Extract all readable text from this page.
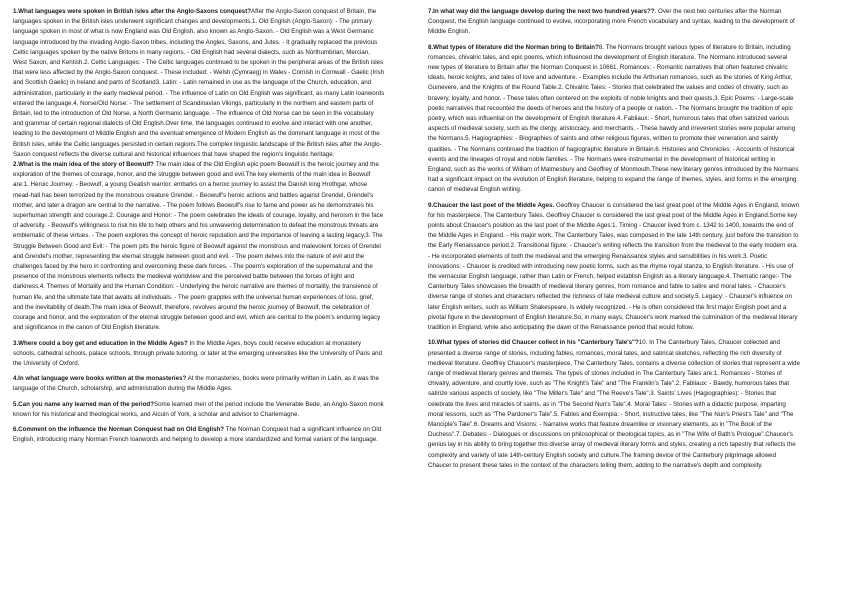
1.What languages were spoken in British isles after the Anglo-Saxons conquest?After the Anglo-Saxon conquest of Britain, the languages spoken in the British isles underwent significant changes and developments.1. Old English (Anglo-Saxon): - The primary language spoken in most of what is now England was Old English, also known as Anglo-Saxon. - Old English was a West Germanic language introduced by the invading Anglo-Saxon tribes, including the Angles, Saxons, and Jutes. - It gradually replaced the previous Celtic languages spoken by the native Britons in many regions. - Old English had several dialects, such as Northumbrian, Mercian, West Saxon, and Kentish.2. Celtic Languages: - The Celtic languages continued to be spoken in the peripheral areas of the British isles that were less affected by the Anglo-Saxon conquest. - These included: - Welsh (Cymraeg) in Wales - Cornish in Cornwall - Gaelic (Irish and Scottish Gaelic) in Ireland and parts of Scotland3. Latin: - Latin remained in use as the language of the Church, education, and administration, particularly in the early medieval period. - The influence of Latin on Old English was significant, as many Latin loanwords entered the language.4. Norse/Old Norse: - The settlement of Scandinavian Vikings, particularly in the northern and eastern parts of Britain, led to the introduction of Old Norse, a North Germanic language. - The influence of Old Norse can be seen in the vocabulary and grammar of certain regional dialects of Old English.Over time, the languages continued to evolve and interact with one another, leading to the development of Middle English and the eventual emergence of Modern English as the dominant language in most of the British isles, while the Celtic languages persisted in certain regions.The complex linguistic landscape of the British isles after the Anglo-Saxon conquest reflects the diverse cultural and historical influences that have shaped the region's linguistic heritage.

2.What is the main idea of the story of Beowulf? The main idea of the Old English epic poem Beowulf is the heroic journey and the exploration of the themes of courage, honor, and the struggle between good and evil.The key elements of the main idea in Beowulf are:1. Heroic Journey: - Beowulf, a young Geatish warrior, embarks on a heroic journey to assist the Danish king Hrothgar, whose mead-hall has been terrorized by the monstrous creature Grendel. - Beowulf's heroic actions and battles against Grendel, Grendel's mother, and later a dragon are central to the narrative. - The poem follows Beowulf's rise to fame and power as he demonstrates his superhuman strength and courage.2. Courage and Honor: - The poem celebrates the ideals of courage, loyalty, and heroism in the face of adversity. - Beowulf's willingness to risk his life to help others and his unwavering determination to defeat the monstrous threats are emblematic of these virtues. - The poem explores the concept of heroic reputation and the importance of leaving a lasting legacy.3. The Struggle Between Good and Evil: - The poem pits the heroic figure of Beowulf against the monstrous and malevolent forces of Grendel and Grendel's mother, representing the eternal struggle between good and evil. - The poem delves into the nature of evil and the challenges faced by the hero in confronting and overcoming these dark forces. - The poem's exploration of the supernatural and the presence of the monstrous elements reflects the medieval worldview and the perceived battle between the forces of light and darkness.4. Themes of Mortality and the Human Condition: - Underlying the heroic narrative are themes of mortality, the transience of human life, and the ultimate fate that awaits all individuals. - The poem grapples with the universal human experiences of loss, grief, and the inevitability of death.The main idea of Beowulf, therefore, revolves around the heroic journey of Beowulf, the celebration of courage and honor, and the exploration of the eternal struggle between good and evil, which are central to the poem's enduring legacy and significance in the canon of Old English literature.

3.Where could a boy get and education in the Middle Ages? In the Middle Ages, boys could receive education at monastery schools, cathedral schools, palace schools, through private tutoring, or later at the emerging universities like the University of Paris and the University of Oxford.

4.In what language were books written at the monasteries? At the monasteries, books were primarily written in Latin, as it was the language of the Church, scholarship, and administration during the Middle Ages.

5.Can you name any learned man of the period?Some learned men of the period include the Venerable Bede, an Anglo-Saxon monk known for his historical and theological works, and Alcuin of York, a scholar and advisor to Charlemagne.

6.Comment on the influence the Norman Conquest had on Old English? The Norman Conquest had a significant influence on Old English, introducing many Norman French loanwords and helping to develop a more standardized and formal variant of the language.

7.In what way did the language develop during the next two hundred years??. Over the next two centuries after the Norman Conquest, the English language continued to evolve, incorporating more French vocabulary and syntax, leading to the development of Middle English.

8.What types of literature did the Norman bring to Britain?8. The Normans brought various types of literature to Britain, including romances, chivalric tales, and epic poems, which influenced the development of English literature. The Normans introduced several new types of literature to Britain after the Norman Conquest in 10661. Romances: - Romantic narratives that often featured chivalric ideals, heroic knights, and tales of love and adventure. - Examples include the Arthurian romances, such as the stories of King Arthur, Guinevere, and the Knights of the Round Table.2. Chivalric Tales: - Stories that celebrated the values and codes of chivalry, such as bravery, loyalty, and honor. - These tales often centered on the exploits of noble knights and their quests.3. Epic Poems: - Large-scale poetic narratives that recounted the deeds of heroes and the history of a people or nation. - The Normans brought the tradition of epic poetry, which was influential on the development of English literature.4. Fabliaux: - Short, humorous tales that often satirized various aspects of medieval society, such as the clergy, aristocracy, and merchants. - These bawdy and irreverent stories were popular among the Normans.5. Hagiographies: - Biographies of saints and other religious figures, written to promote their veneration and saintly qualities. - The Normans continued the tradition of hagiographic literature in Britain.6. Histories and Chronicles: - Accounts of historical events and the lineages of royal and noble families. - The Normans were instrumental in the development of historical writing in England, such as the works of William of Malmesbury and Geoffrey of Monmouth.These new literary genres introduced by the Normans had a significant impact on the evolution of English literature, helping to expand the range of themes, styles, and forms in the emerging canon of medieval English writing.

9.Chaucer the last poet of the Middle Ages. Geoffrey Chaucer is considered the last great poet of the Middle Ages in England, known for his masterpiece, The Canterbury Tales. Geoffrey Chaucer is considered the last great poet of the Middle Ages in England.Some key points about Chaucer's position as the last poet of the Middle Ages:1. Timing - Chaucer lived from c. 1342 to 1400, towards the end of the Middle Ages in England. - His major work, The Canterbury Tales, was composed in the late 14th century, just before the transition to the Early Renaissance period.2. Transitional figure: - Chaucer's writing reflects the transition from the medieval to the early modern era. - He incorporated elements of both the medieval and the emerging Renaissance styles and sensibilities in his work.3. Poetic innovations: - Chaucer is credited with introducing new poetic forms, such as the rhyme royal stanza, to English literature. - His use of the vernacular English language, rather than Latin or French, helped establish English as a literary language.4. Thematic range:- The Canterbury Tales showcases the breadth of medieval literary genres, from romance and fable to satire and moral tales. - Chaucer's diverse range of stories and characters reflected the richness of late medieval culture and society.5. Legacy: - Chaucer's influence on later English writers, such as William Shakespeare, is widely recognized. - He is often considered the first major English poet and a pivotal figure in the development of English literature.So, in many ways, Chaucer's work marked the culmination of the medieval literary tradition in England, while also anticipating the dawn of the Renaissance period that would follow.

10.What types of stories did Chaucer collect in his "Canterbury Tale's"?10. In The Canterbury Tales, Chaucer collected and presented a diverse range of stories, including fables, romances, moral tales, and satirical sketches, reflecting the rich diversity of medieval literature. Geoffrey Chaucer's masterpiece, The Canterbury Tales, contains a diverse collection of stories that represent a wide range of medieval literary genres and themes. The types of stories included in The Canterbury Tales are:1. Romances - Stories of chivalry, adventure, and courtly love, such as "The Knight's Tale" and "The Franklin's Tale".2. Fabliaux: - Bawdy, humorous tales that satirize various aspects of society, like "The Miller's Tale" and "The Reeve's Tale".3. Saints' Lives (Hagiographies): - Stories that celebrate the lives and miracles of saints, as in "The Second Nun's Tale".4. Moral Tales: - Stories with a didactic purpose, imparting moral lessons, such as "The Pardoner's Tale".5. Fables and Exempla: - Short, instructive tales, like "The Nun's Priest's Tale" and "The Manciple's Tale".6. Dreams and Visions: - Narrative works that feature dreamlike or visionary elements, as in "The Book of the Duchess".7. Debates: - Dialogues or discussions on philosophical or theological topics, as in "The Wife of Bath's Prologue".Chaucer's genius lay in his ability to bring together this diverse array of medieval literary forms and styles, creating a rich tapestry that reflects the complexity and variety of late 14th-century English society and culture.The framing device of the Canterbury pilgrimage allowed Chaucer to present these tales in the context of the characters telling them, adding to the narrative's depth and complexity.
